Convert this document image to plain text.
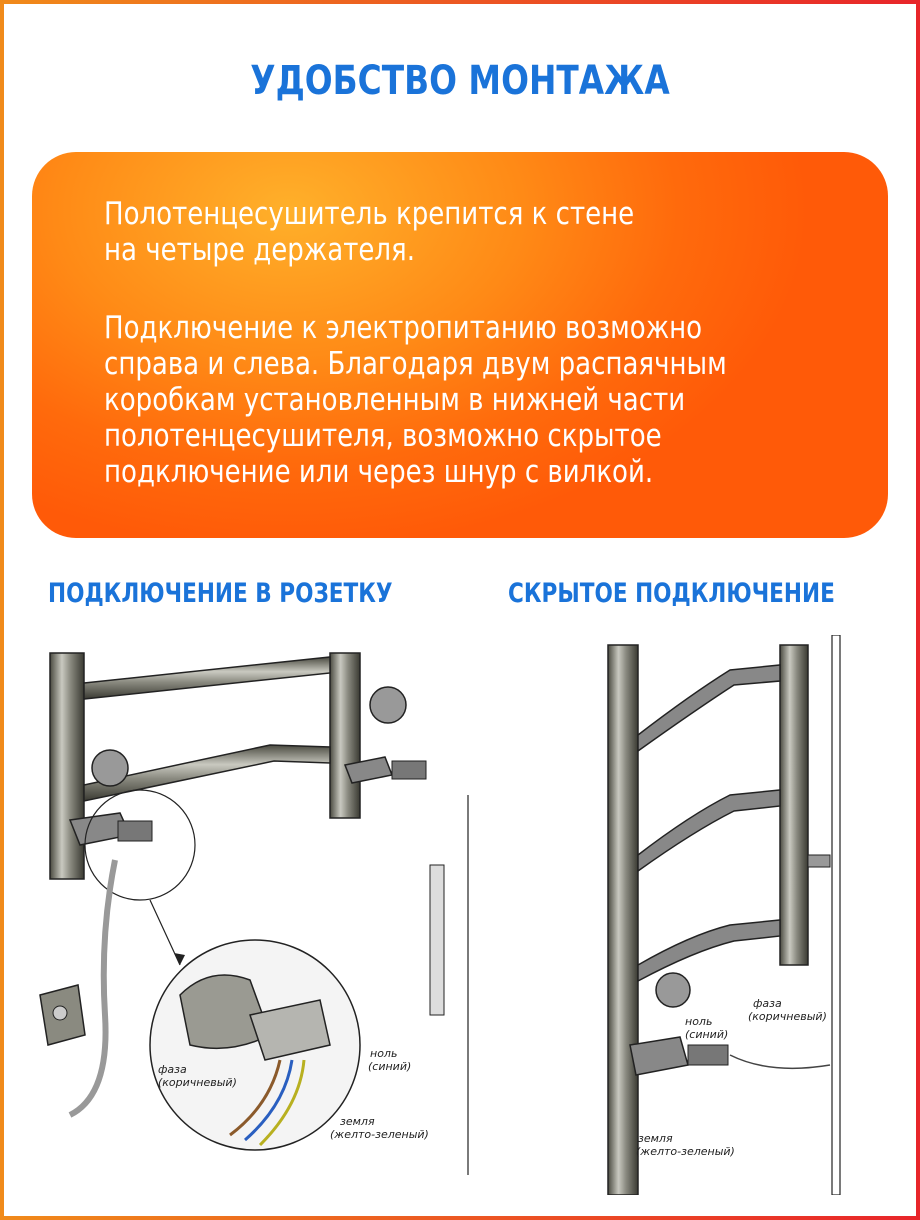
УДОБСТВО МОНТАЖА
Полотенцесушитель крепится к стене
на четыре держателя.
Подключение к электропитанию возможно
справа и слева. Благодаря двум распаячным
коробкам установленным в нижней части
полотенцесушителя, возможно скрытое
подключение или через шнур с вилкой.
ПОДКЛЮЧЕНИЕ В РОЗЕТКУ	СКРЫТОЕ ПОДКЛЮЧЕНИЕ
фаза
(коричневый)
ноль
(синий)
земля
(желто-зеленый)
ноль
(синий)
фаза
(коричневый)
земля
(желто-зеленый)
